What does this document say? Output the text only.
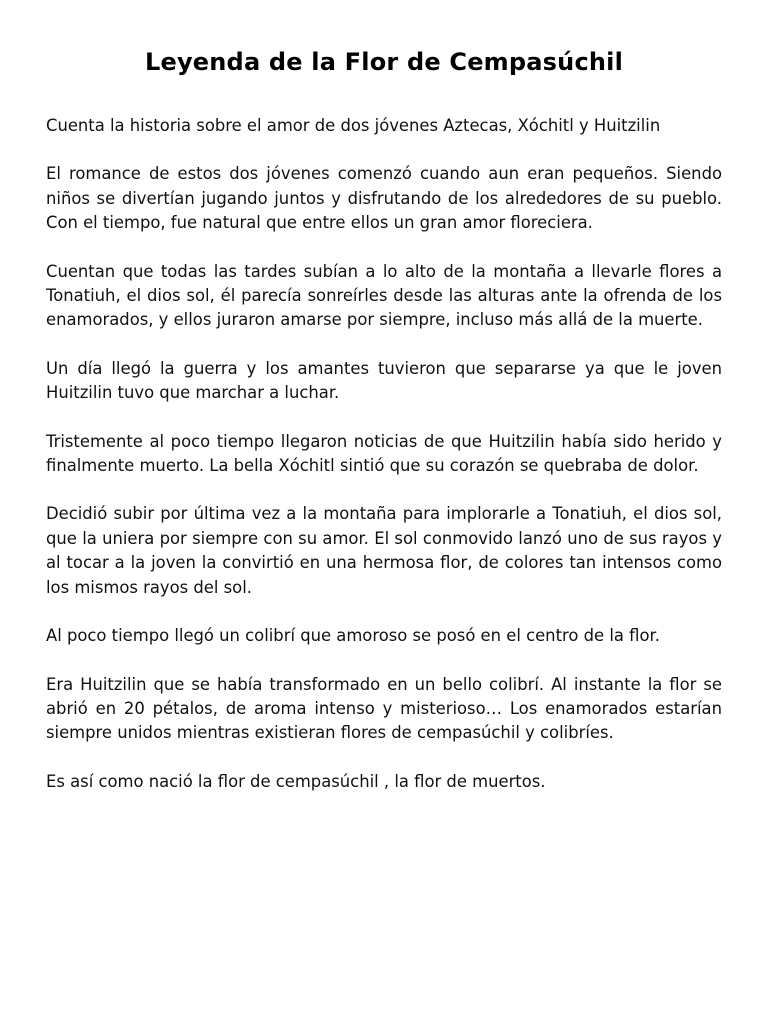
Leyenda de la Flor de Cempasúchil

Cuenta la historia sobre el amor de dos jóvenes Aztecas, Xóchitl y Huitzilin

El romance de estos dos jóvenes comenzó cuando aun eran pequeños. Siendo niños se divertían jugando juntos y disfrutando de los alrededores de su pueblo. Con el tiempo, fue natural que entre ellos un gran amor floreciera.

Cuentan que todas las tardes subían a lo alto de la montaña a llevarle flores a Tonatiuh, el dios sol, él parecía sonreírles desde las alturas ante la ofrenda de los enamorados, y ellos juraron amarse por siempre, incluso más allá de la muerte.

Un día llegó la guerra y los amantes tuvieron que separarse ya que le joven Huitzilin tuvo que marchar a luchar.

Tristemente al poco tiempo llegaron noticias de que Huitzilin había sido herido y finalmente muerto. La bella Xóchitl sintió que su corazón se quebraba de dolor.

Decidió subir por última vez a la montaña para implorarle a Tonatiuh, el dios sol, que la uniera por siempre con su amor. El sol conmovido lanzó uno de sus rayos y al tocar a la joven la convirtió en una hermosa flor, de colores tan intensos como los mismos rayos del sol.

Al poco tiempo llegó un colibrí que amoroso se posó en el centro de la flor.

Era Huitzilin que se había transformado en un bello colibrí. Al instante la flor se abrió en 20 pétalos, de aroma intenso y misterioso… Los enamorados estarían siempre unidos mientras existieran flores de cempasúchil y colibríes.

Es así como nació la flor de cempasúchil , la flor de muertos.
